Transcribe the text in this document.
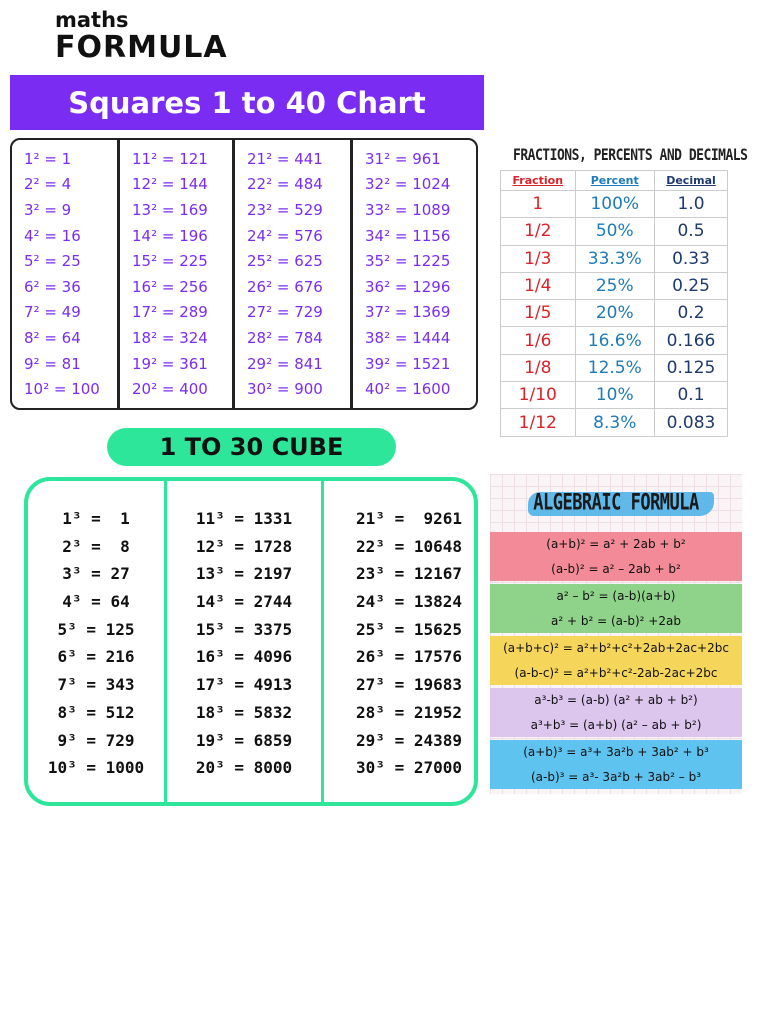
maths
FORMULA
Squares 1 to 40 Chart
1² = 1
2² = 4
3² = 9
4² = 16
5² = 25
6² = 36
7² = 49
8² = 64
9² = 81
10² = 100
11² = 121
12² = 144
13² = 169
14² = 196
15² = 225
16² = 256
17² = 289
18² = 324
19² = 361
20² = 400
21² = 441
22² = 484
23² = 529
24² = 576
25² = 625
26² = 676
27² = 729
28² = 784
29² = 841
30² = 900
31² = 961
32² = 1024
33² = 1089
34² = 1156
35² = 1225
36² = 1296
37² = 1369
38² = 1444
39² = 1521
40² = 1600
FRACTIONS, PERCENTS AND DECIMALS
Fraction	Percent	Decimal
1	100%	1.0
1/2	50%	0.5
1/3	33.3%	0.33
1/4	25%	0.25
1/5	20%	0.2
1/6	16.6%	0.166
1/8	12.5%	0.125
1/10	10%	0.1
1/12	8.3%	0.083
1 TO 30 CUBE
1³ =  1
2³ =  8
3³ = 27
4³ = 64
5³ = 125
6³ = 216
7³ = 343
8³ = 512
9³ = 729
10³ = 1000
11³ = 1331
12³ = 1728
13³ = 2197
14³ = 2744
15³ = 3375
16³ = 4096
17³ = 4913
18³ = 5832
19³ = 6859
20³ = 8000
21³ =  9261
22³ = 10648
23³ = 12167
24³ = 13824
25³ = 15625
26³ = 17576
27³ = 19683
28³ = 21952
29³ = 24389
30³ = 27000
ALGEBRAIC FORMULA
(a+b)² = a² + 2ab + b²
(a-b)² = a² – 2ab + b²
a² – b² = (a-b)(a+b)
a² + b² = (a-b)² +2ab
(a+b+c)² = a²+b²+c²+2ab+2ac+2bc
(a-b-c)² = a²+b²+c²-2ab-2ac+2bc
a³-b³ = (a-b) (a² + ab + b²)
a³+b³ = (a+b) (a² – ab + b²)
(a+b)³ = a³+ 3a²b + 3ab² + b³
(a-b)³ = a³- 3a²b + 3ab² – b³
